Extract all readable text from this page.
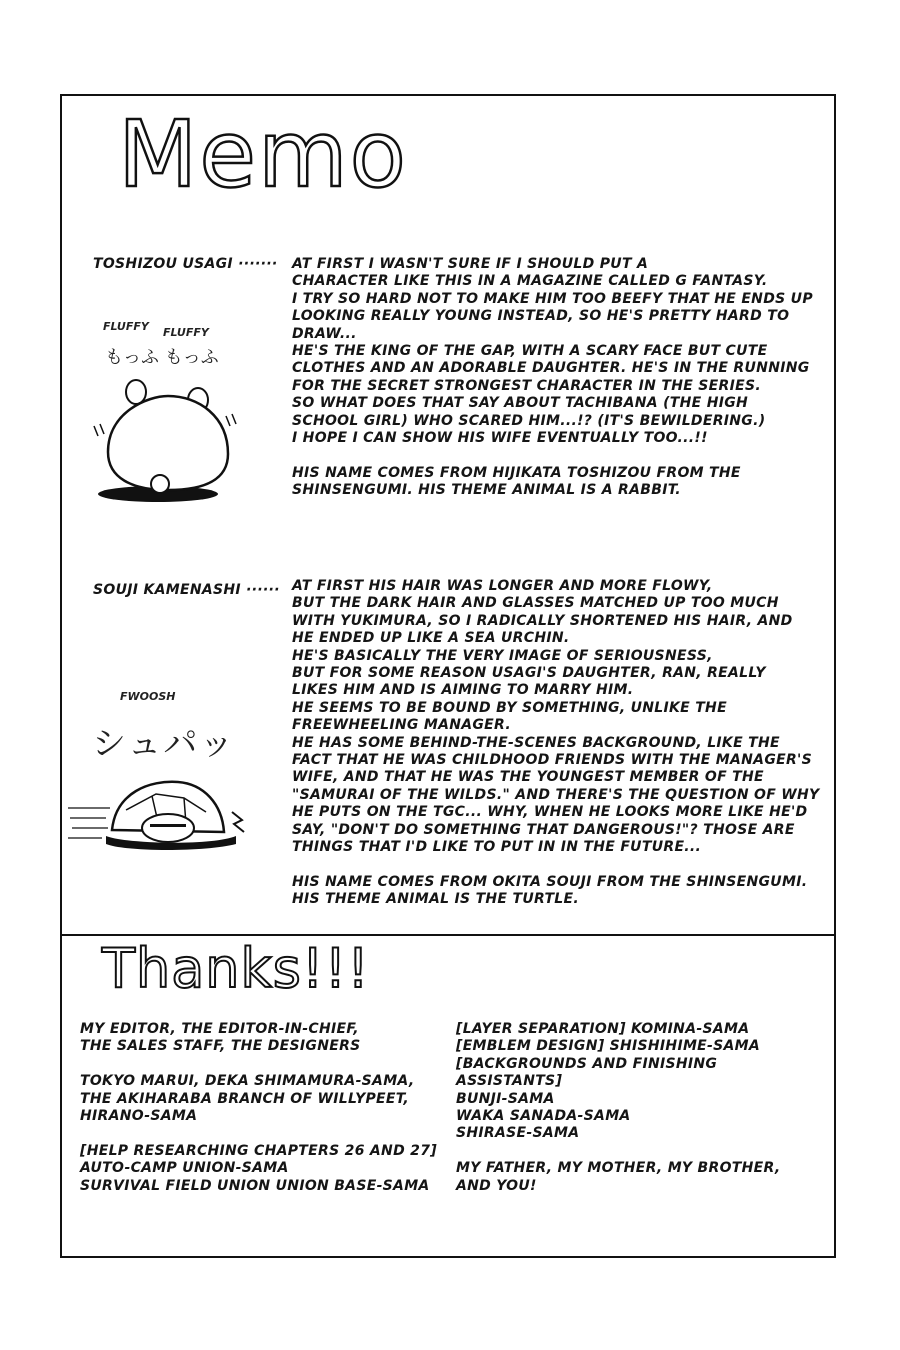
Memo
TOSHIZOU USAGI ······· AT FIRST I WASN'T SURE IF I SHOULD PUT A
CHARACTER LIKE THIS IN A MAGAZINE CALLED G FANTASY.
I TRY SO HARD NOT TO MAKE HIM TOO BEEFY THAT HE ENDS UP
LOOKING REALLY YOUNG INSTEAD, SO HE'S PRETTY HARD TO
DRAW...
HE'S THE KING OF THE GAP, WITH A SCARY FACE BUT CUTE
CLOTHES AND AN ADORABLE DAUGHTER. HE'S IN THE RUNNING
FOR THE SECRET STRONGEST CHARACTER IN THE SERIES.
SO WHAT DOES THAT SAY ABOUT TACHIBANA (THE HIGH
SCHOOL GIRL) WHO SCARED HIM...!? (IT'S BEWILDERING.)
I HOPE I CAN SHOW HIS WIFE EVENTUALLY TOO...!!

HIS NAME COMES FROM HIJIKATA TOSHIZOU FROM THE
SHINSENGUMI. HIS THEME ANIMAL IS A RABBIT.

FLUFFY FLUFFY
もっふ もっふ
SOUJI KAMENASHI ······ AT FIRST HIS HAIR WAS LONGER AND MORE FLOWY,
BUT THE DARK HAIR AND GLASSES MATCHED UP TOO MUCH
WITH YUKIMURA, SO I RADICALLY SHORTENED HIS HAIR, AND
HE ENDED UP LIKE A SEA URCHIN.
HE'S BASICALLY THE VERY IMAGE OF SERIOUSNESS,
BUT FOR SOME REASON USAGI'S DAUGHTER, RAN, REALLY
LIKES HIM AND IS AIMING TO MARRY HIM.
HE SEEMS TO BE BOUND BY SOMETHING, UNLIKE THE
FREEWHEELING MANAGER.
HE HAS SOME BEHIND-THE-SCENES BACKGROUND, LIKE THE
FACT THAT HE WAS CHILDHOOD FRIENDS WITH THE MANAGER'S
WIFE, AND THAT HE WAS THE YOUNGEST MEMBER OF THE
"SAMURAI OF THE WILDS." AND THERE'S THE QUESTION OF WHY
HE PUTS ON THE TGC... WHY, WHEN HE LOOKS MORE LIKE HE'D
SAY, "DON'T DO SOMETHING THAT DANGEROUS!"? THOSE ARE
THINGS THAT I'D LIKE TO PUT IN IN THE FUTURE...

HIS NAME COMES FROM OKITA SOUJI FROM THE SHINSENGUMI.
HIS THEME ANIMAL IS THE TURTLE.

FWOOSH
シュパッ
Thanks!!!

MY EDITOR, THE EDITOR-IN-CHIEF,
THE SALES STAFF, THE DESIGNERS

TOKYO MARUI, DEKA SHIMAMURA-SAMA,
THE AKIHARABA BRANCH OF WILLYPEET,
HIRANO-SAMA

[HELP RESEARCHING CHAPTERS 26 AND 27]
AUTO-CAMP UNION-SAMA
SURVIVAL FIELD UNION UNION BASE-SAMA

[LAYER SEPARATION] KOMINA-SAMA
[EMBLEM DESIGN] SHISHIHIME-SAMA
[BACKGROUNDS AND FINISHING
ASSISTANTS]
BUNJI-SAMA
WAKA SANADA-SAMA
SHIRASE-SAMA

MY FATHER, MY MOTHER, MY BROTHER,
AND YOU!
